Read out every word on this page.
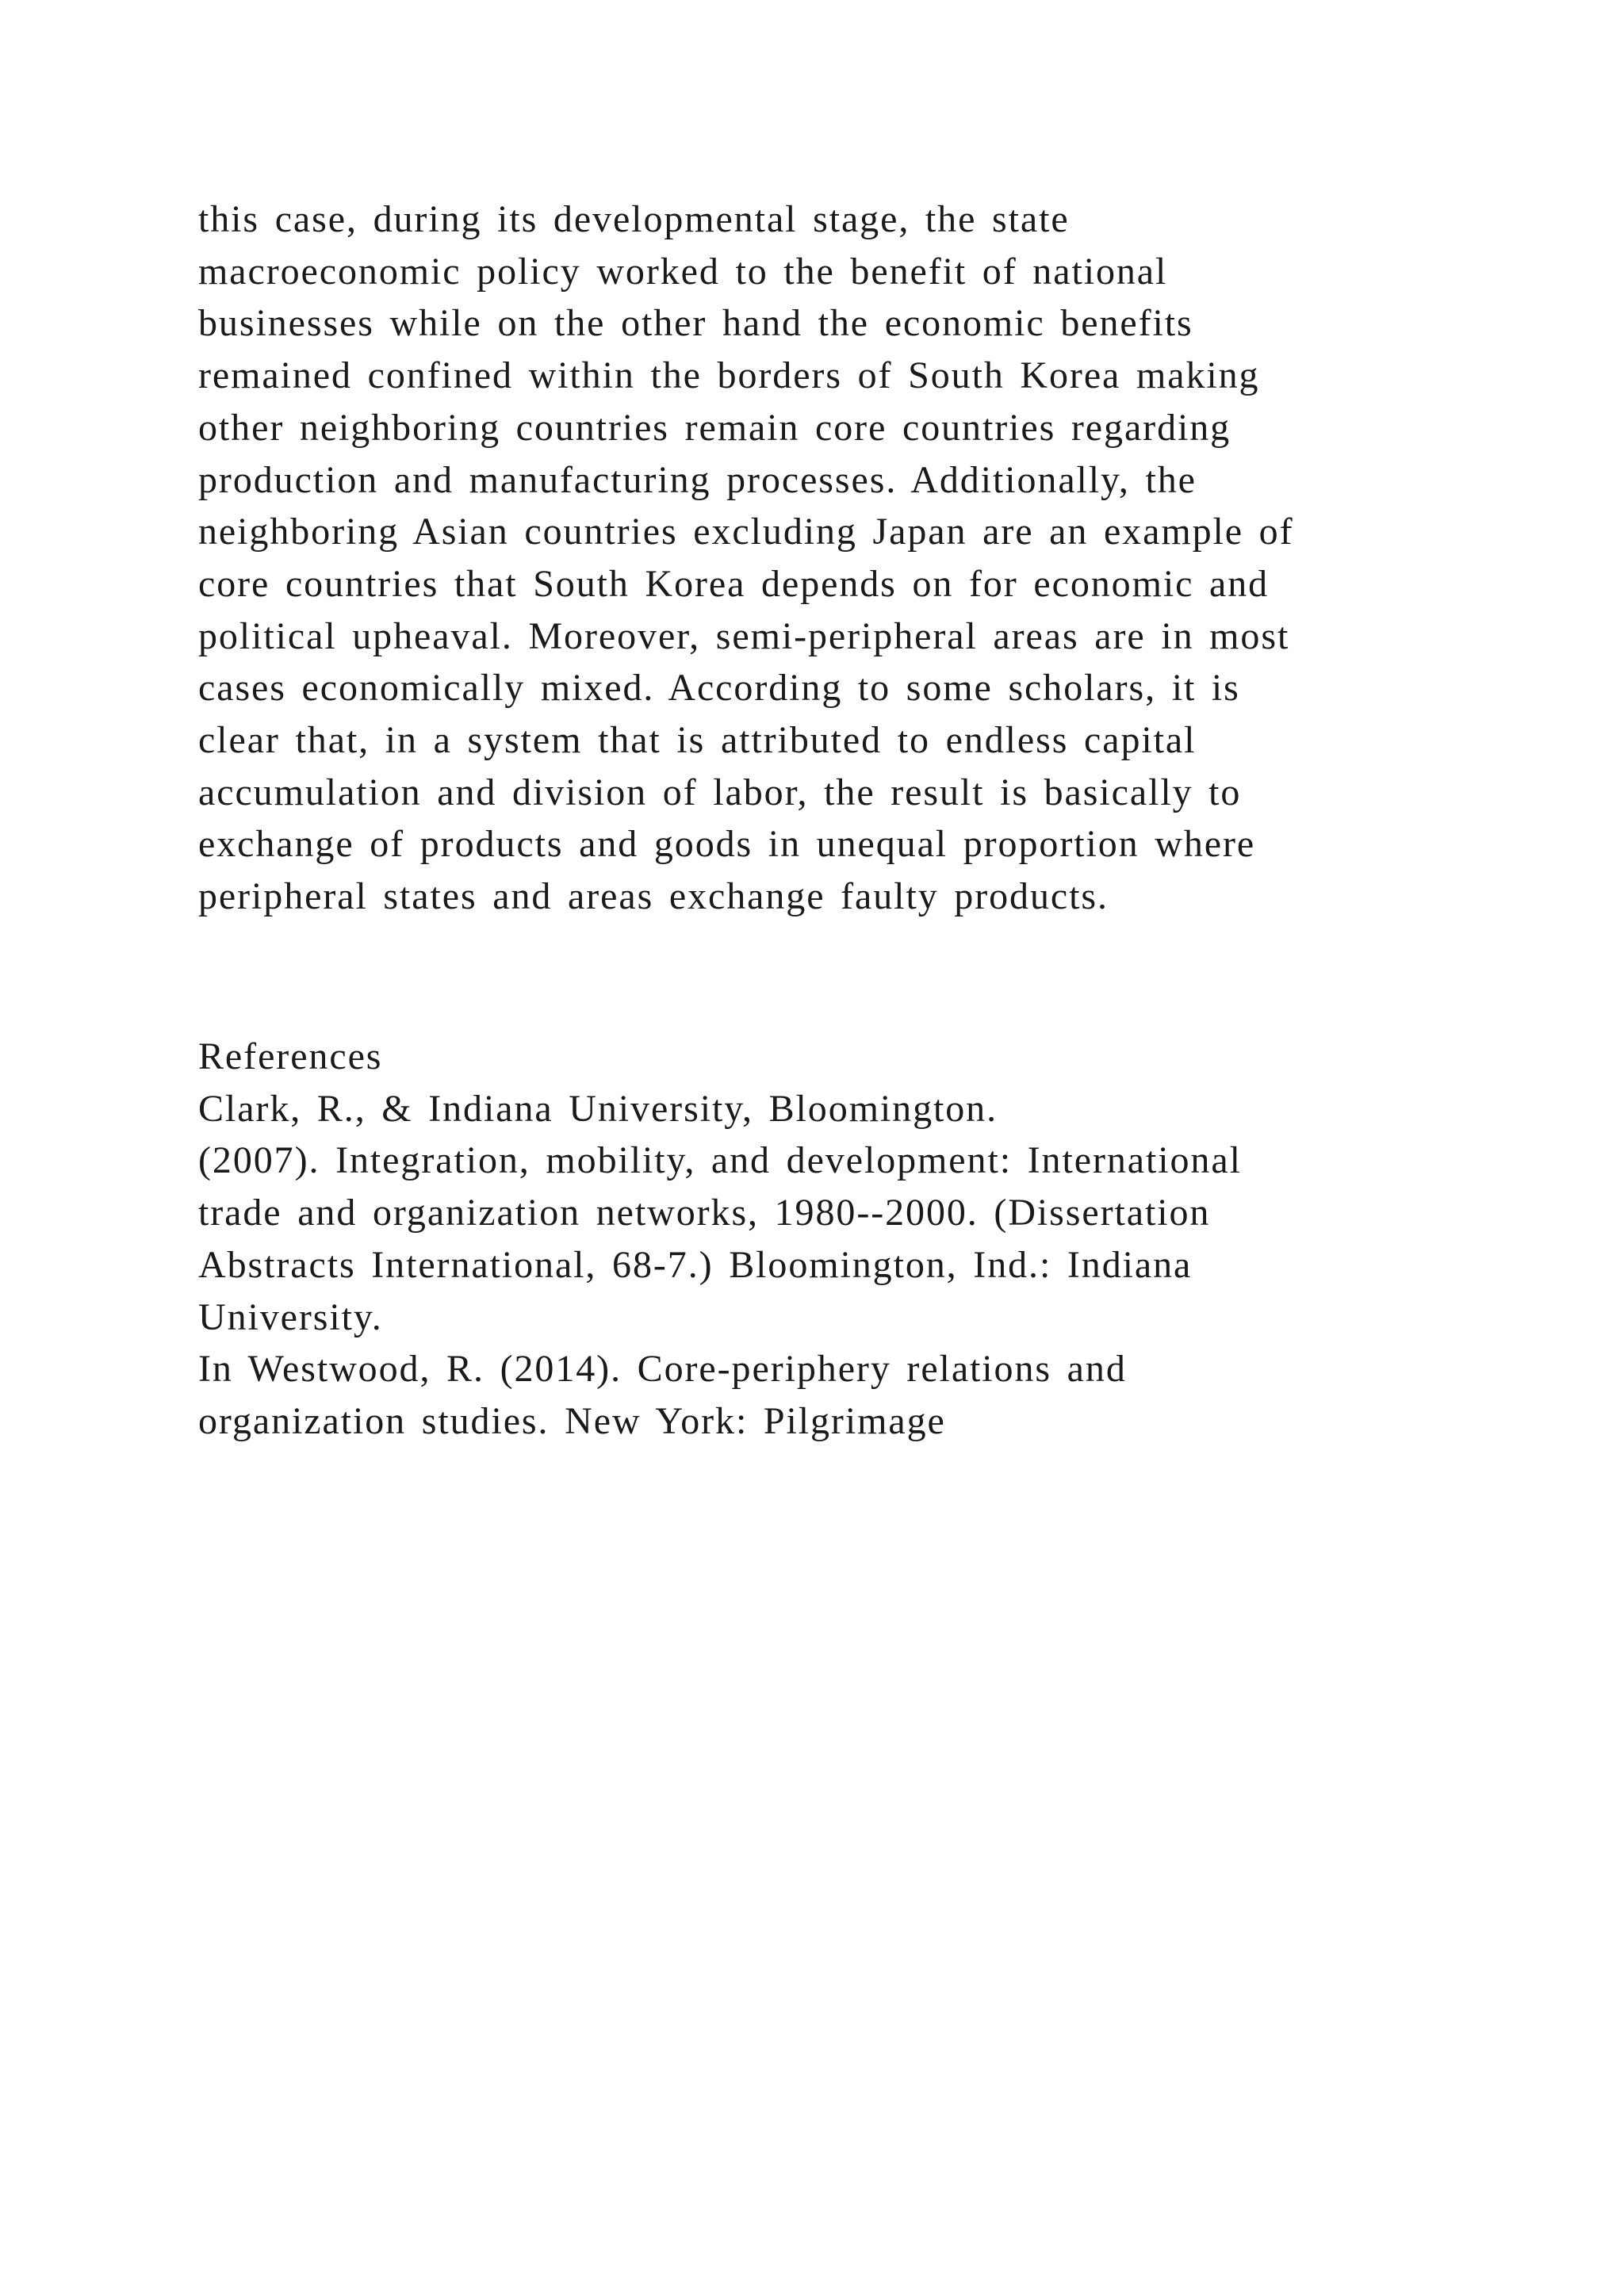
this case, during its developmental stage, the state
macroeconomic policy worked to the benefit of national
businesses while on the other hand the economic benefits
remained confined within the borders of South Korea making
other neighboring countries remain core countries regarding
production and manufacturing processes. Additionally, the
neighboring Asian countries excluding Japan are an example of
core countries that South Korea depends on for economic and
political upheaval. Moreover, semi-peripheral areas are in most
cases economically mixed. According to some scholars, it is
clear that, in a system that is attributed to endless capital
accumulation and division of labor, the result is basically to
exchange of products and goods in unequal proportion where
peripheral states and areas exchange faulty products.
References
Clark, R., & Indiana University, Bloomington.
(2007). Integration, mobility, and development: International
trade and organization networks, 1980--2000. (Dissertation
Abstracts International, 68-7.) Bloomington, Ind.: Indiana
University.
In Westwood, R. (2014). Core-periphery relations and
organization studies. New York: Pilgrimage
